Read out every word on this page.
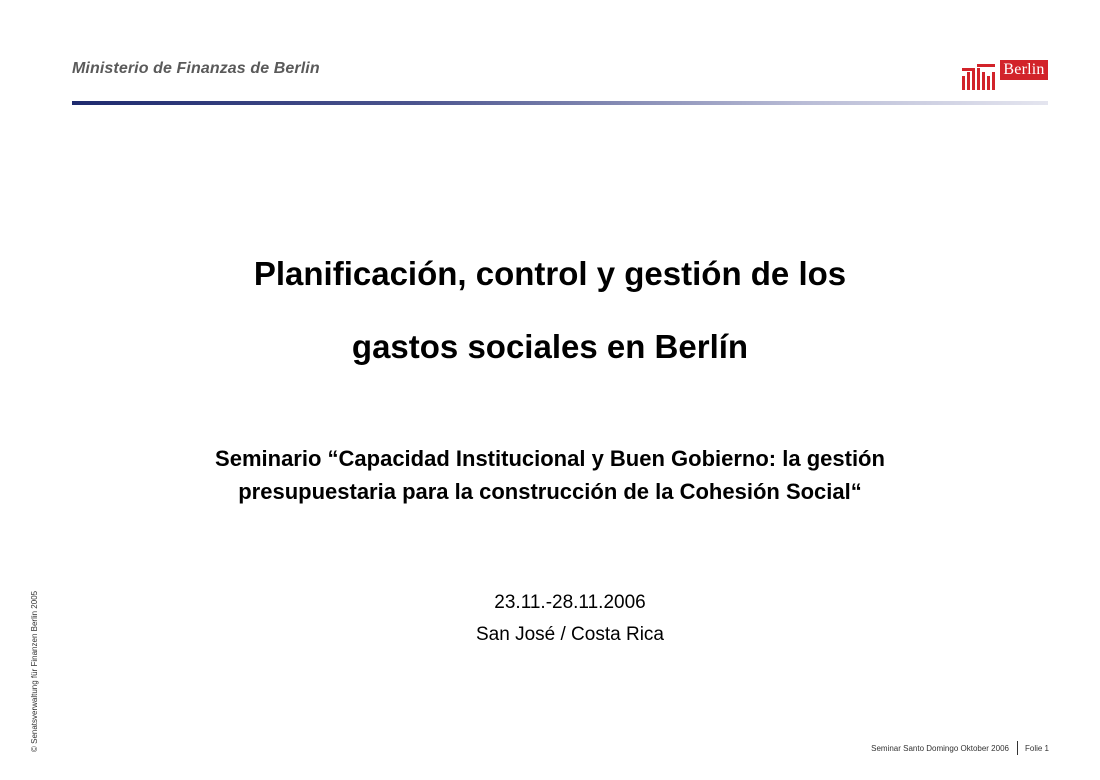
Ministerio de Finanzas de Berlin	Berlin
Planificación, control y gestión de los
gastos sociales en Berlín
Seminario “Capacidad Institucional y Buen Gobierno: la gestión
presupuestaria para la construcción de la Cohesión Social“
23.11.-28.11.2006
San José / Costa Rica
© Senatsverwaltung für Finanzen Berlin 2005	Seminar Santo Domingo Oktober 2006 Folie 1
